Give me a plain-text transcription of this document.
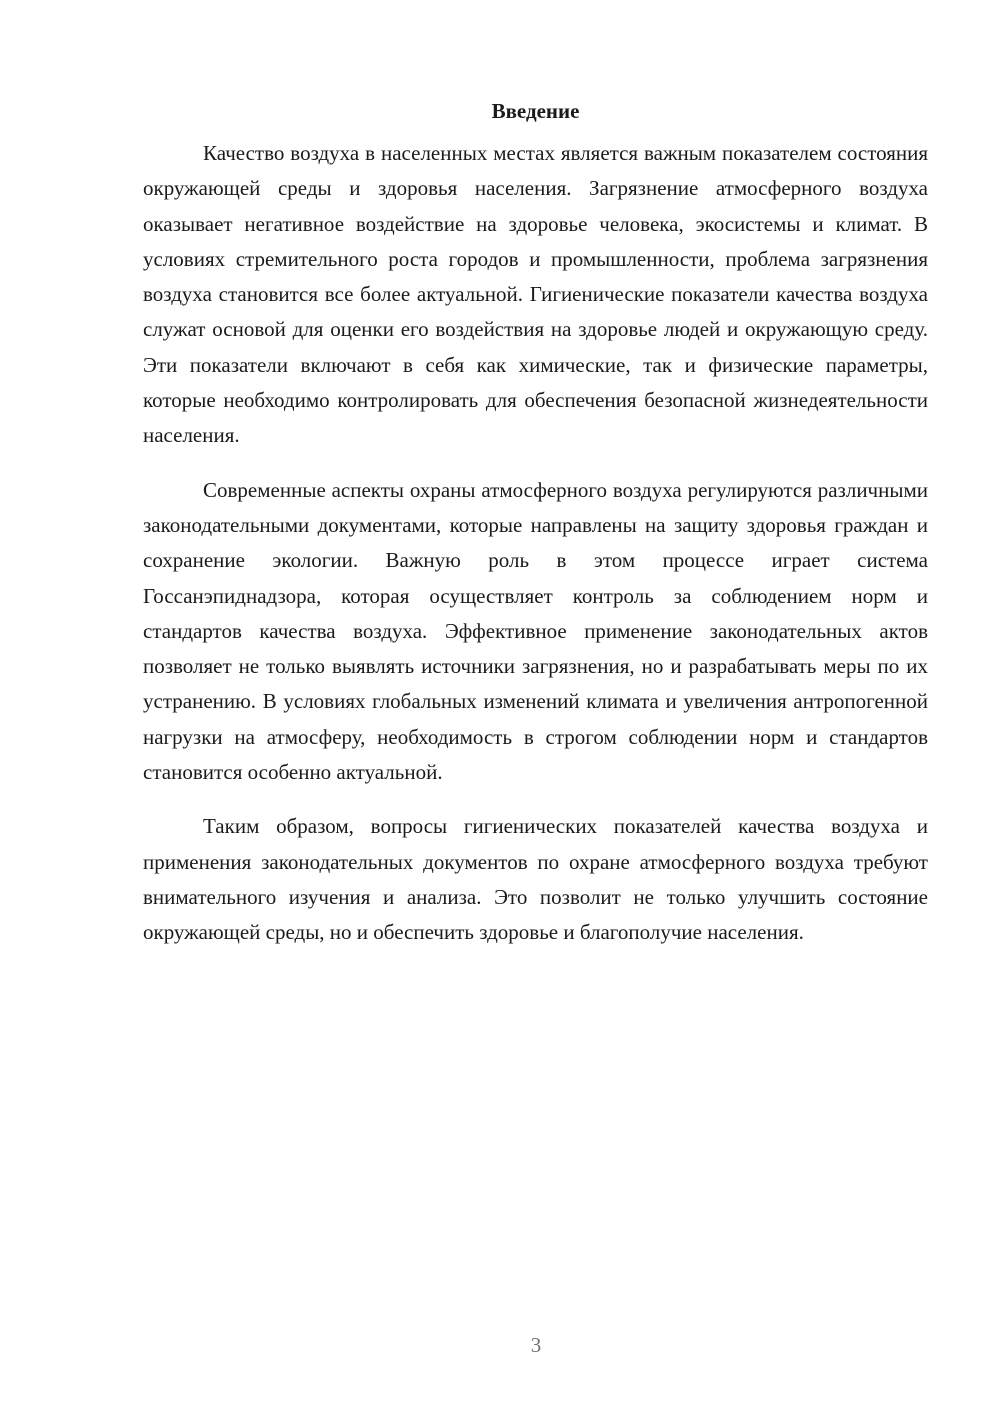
Введение

Качество воздуха в населенных местах является важным показателем состояния окружающей среды и здоровья населения. Загрязнение атмосферного воздуха оказывает негативное воздействие на здоровье человека, экосистемы и климат. В условиях стремительного роста городов и промышленности, проблема загрязнения воздуха становится все более актуальной. Гигиенические показатели качества воздуха служат основой для оценки его воздействия на здоровье людей и окружающую среду. Эти показатели включают в себя как химические, так и физические параметры, которые необходимо контролировать для обеспечения безопасной жизнедеятельности населения.

Современные аспекты охраны атмосферного воздуха регулируются различными законодательными документами, которые направлены на защиту здоровья граждан и сохранение экологии. Важную роль в этом процессе играет система Госсанэпиднадзора, которая осуществляет контроль за соблюдением норм и стандартов качества воздуха. Эффективное применение законодательных актов позволяет не только выявлять источники загрязнения, но и разрабатывать меры по их устранению. В условиях глобальных изменений климата и увеличения антропогенной нагрузки на атмосферу, необходимость в строгом соблюдении норм и стандартов становится особенно актуальной.

Таким образом, вопросы гигиенических показателей качества воздуха и применения законодательных документов по охране атмосферного воздуха требуют внимательного изучения и анализа. Это позволит не только улучшить состояние окружающей среды, но и обеспечить здоровье и благополучие населения.

3
